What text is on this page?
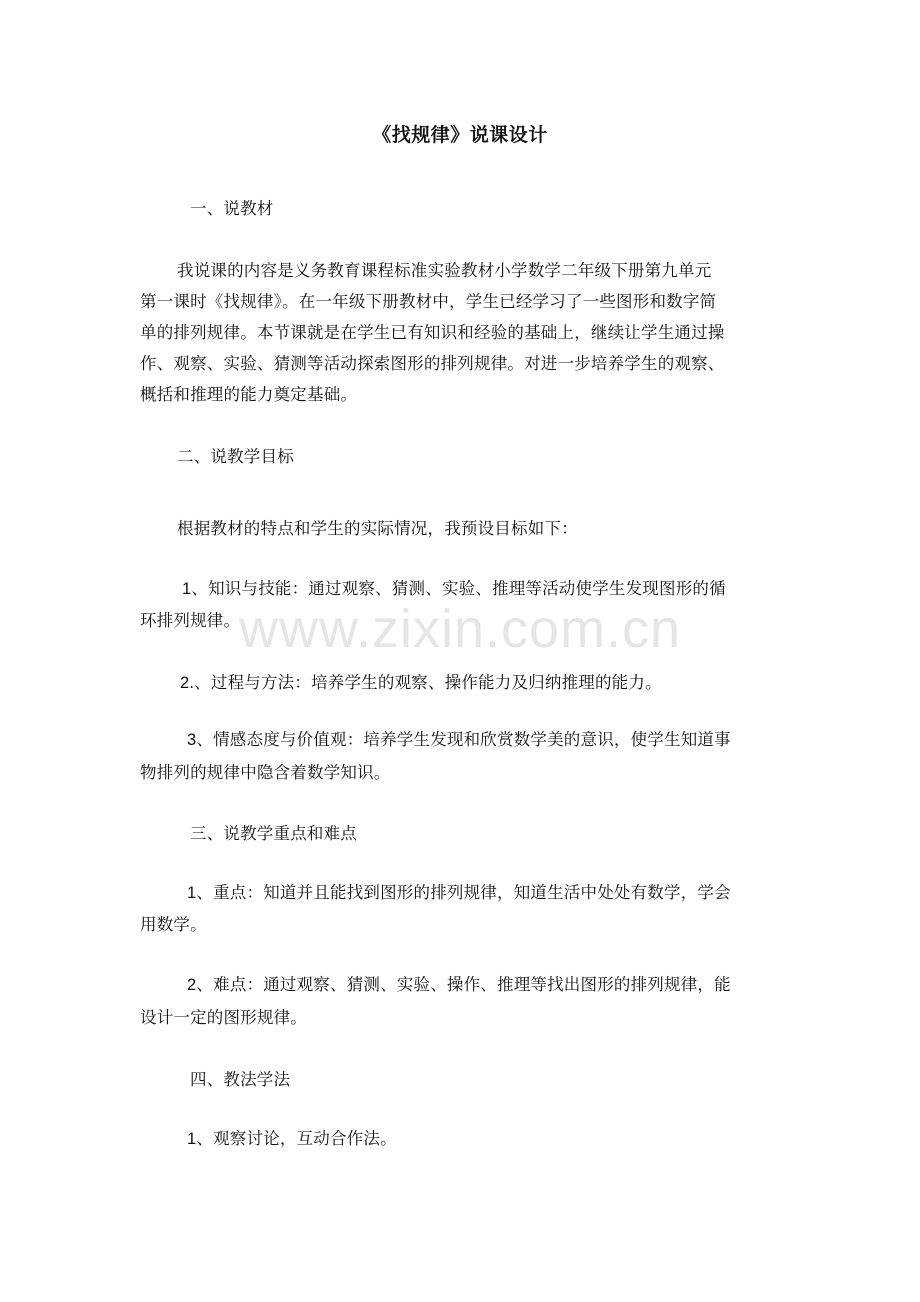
《找规律》说课设计
一、说教材
我说课的内容是义务教育课程标准实验教材小学数学二年级下册第九单元
第一课时《找规律》。在一年级下册教材中，学生已经学习了一些图形和数字简
单的排列规律。本节课就是在学生已有知识和经验的基础上，继续让学生通过操
作、观察、实验、猜测等活动探索图形的排列规律。对进一步培养学生的观察、
概括和推理的能力奠定基础。
二、说教学目标
根据教材的特点和学生的实际情况，我预设目标如下：
1、知识与技能：通过观察、猜测、实验、推理等活动使学生发现图形的循
环排列规律。
2.、过程与方法：培养学生的观察、操作能力及归纳推理的能力。
3、情感态度与价值观：培养学生发现和欣赏数学美的意识，使学生知道事
物排列的规律中隐含着数学知识。
三、说教学重点和难点
1、重点：知道并且能找到图形的排列规律，知道生活中处处有数学，学会
用数学。
2、难点：通过观察、猜测、实验、操作、推理等找出图形的排列规律，能
设计一定的图形规律。
四、教法学法
1、观察讨论，互动合作法。
www.zixin.com.cn
